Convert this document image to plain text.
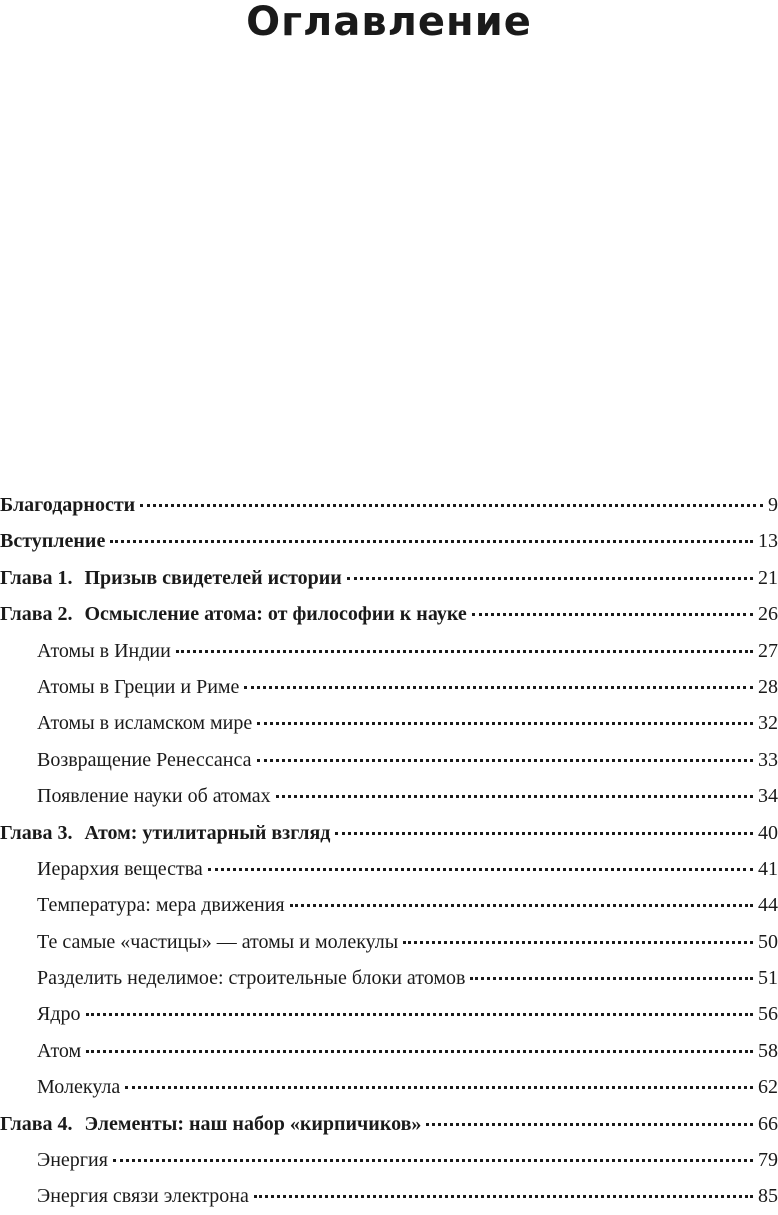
Оглавление
Благодарности	9
Вступление	13
Глава 1. Призыв свидетелей истории	21
Глава 2. Осмысление атома: от философии к науке	26
Атомы в Индии	27
Атомы в Греции и Риме	28
Атомы в исламском мире	32
Возвращение Ренессанса	33
Появление науки об атомах	34
Глава 3. Атом: утилитарный взгляд	40
Иерархия вещества	41
Температура: мера движения	44
Те самые «частицы» — атомы и молекулы	50
Разделить неделимое: строительные блоки атомов	51
Ядро	56
Атом	58
Молекула	62
Глава 4. Элементы: наш набор «кирпичиков»	66
Энергия	79
Энергия связи электрона	85
